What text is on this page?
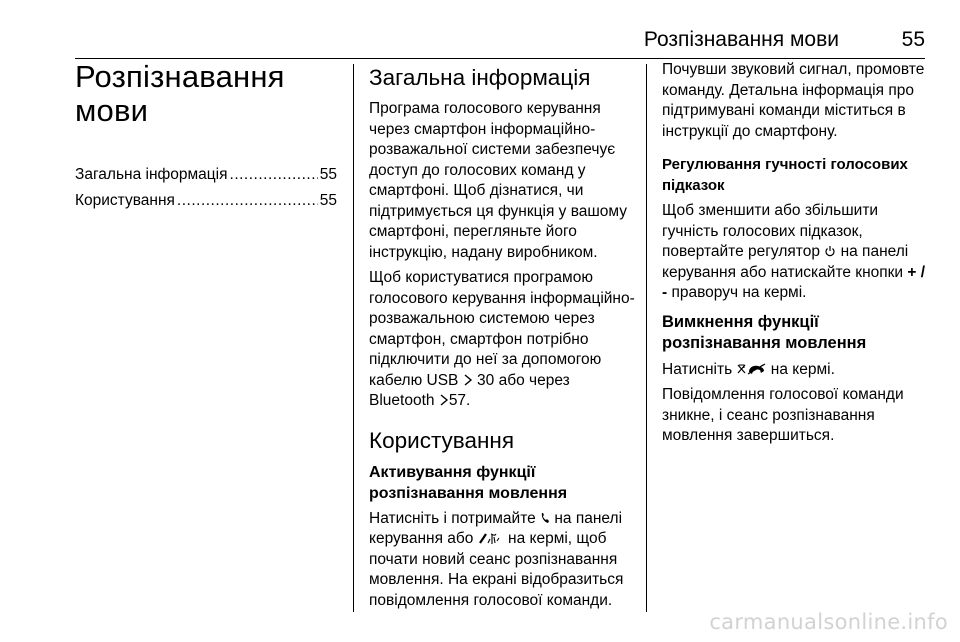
Розпізнавання мови	55
Розпізнавання мови
Загальна інформація .....	55
Користування .....	55
Загальна інформація

Програма голосового керування через смартфон інформаційно-розважальної системи забезпечує доступ до голосових команд у смартфоні. Щоб дізнатися, чи підтримується ця функція у вашому смартфоні, перегляньте його інструкцію, надану виробником.

Щоб користуватися програмою голосового керування інформаційно-розважальною системою через смартфон, смартфон потрібно підключити до неї за допомогою кабелю USB 30 або через Bluetooth 57.

Користування
Активування функції розпізнавання мовлення

Натисніть і потримайте на панелі керування або на кермі, щоб почати новий сеанс розпізнавання мовлення. На екрані відобразиться повідомлення голосової команди.

Почувши звуковий сигнал, промовте команду. Детальна інформація про підтримувані команди міститься в інструкції до смартфону.

Регулювання гучності голосових підказок

Щоб зменшити або збільшити гучність голосових підказок, повертайте регулятор на панелі керування або натискайте кнопки + / - праворуч на кермі.

Вимкнення функції розпізнавання мовлення

Натисніть на кермі.

Повідомлення голосової команди зникне, і сеанс розпізнавання мовлення завершиться.

carmanualsonline.info
